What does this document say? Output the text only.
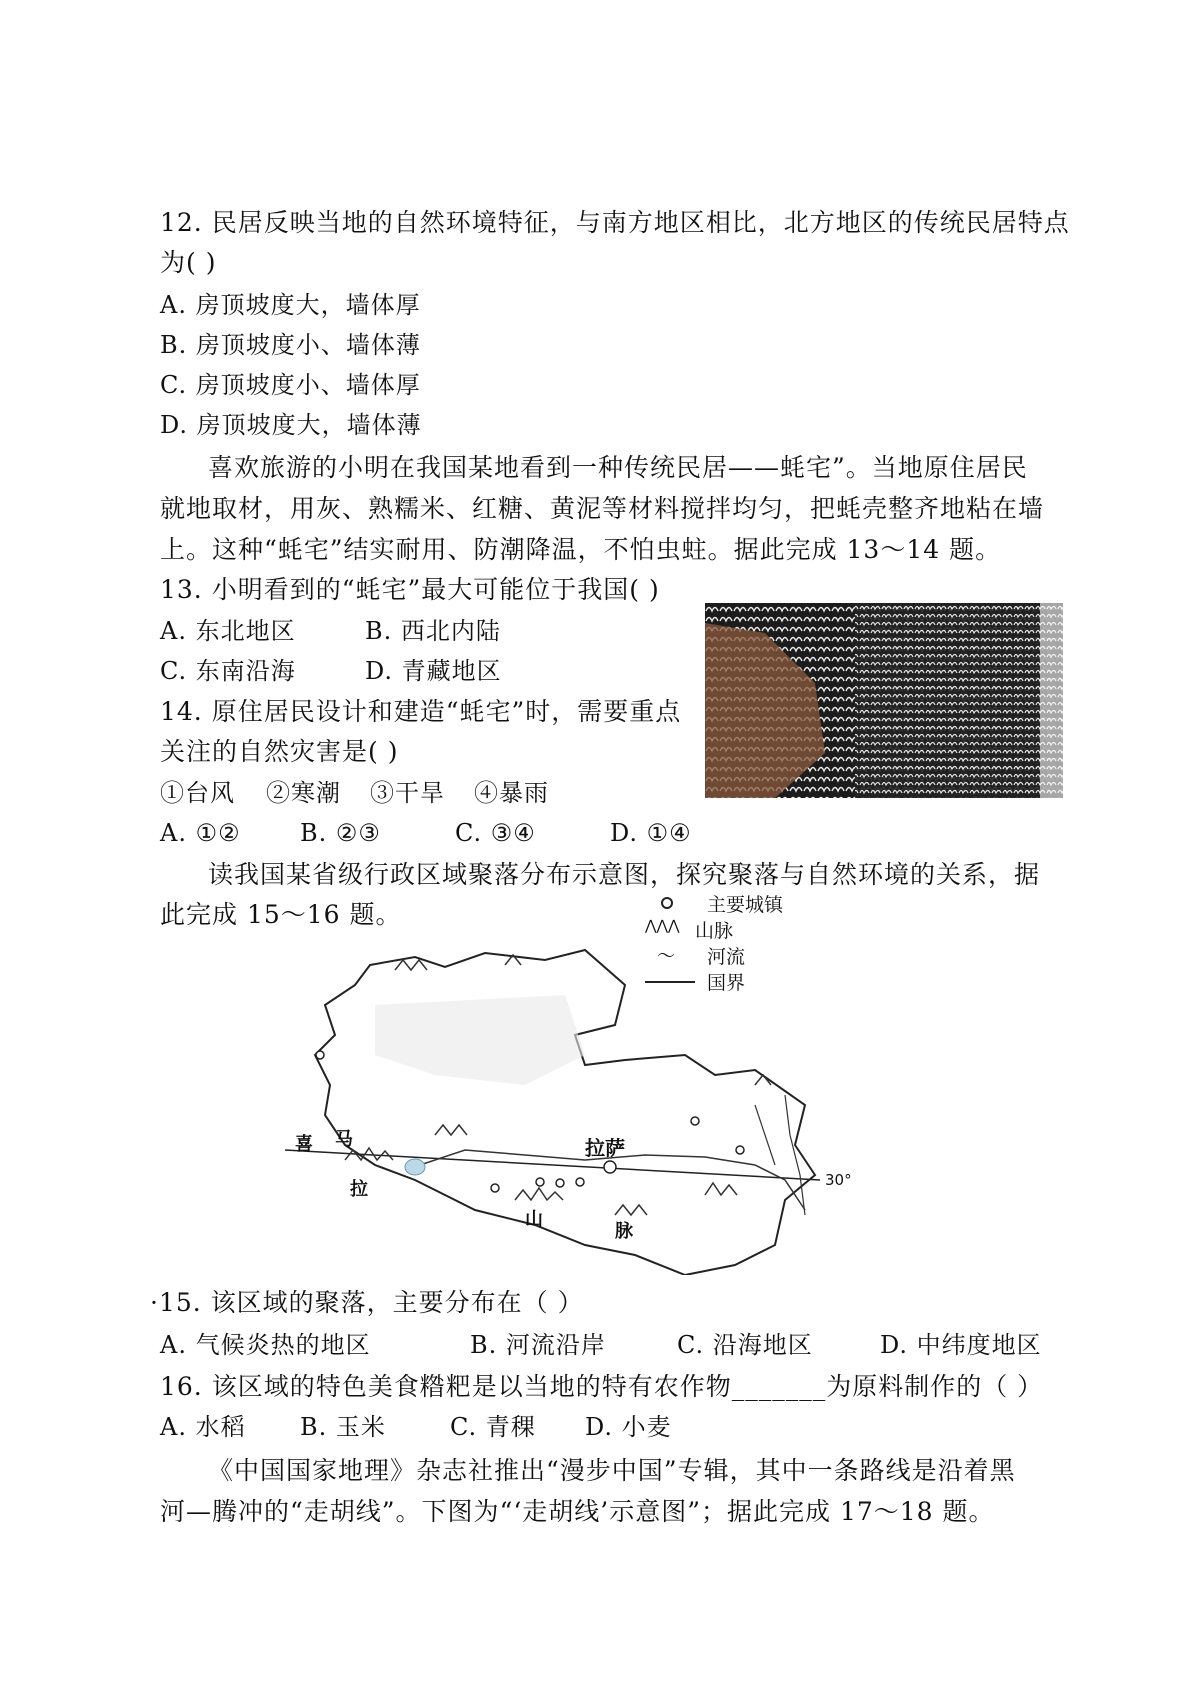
12. 民居反映当地的自然环境特征，与南方地区相比，北方地区的传统民居特点
为( )
A. 房顶坡度大，墙体厚
B. 房顶坡度小、墙体薄
C. 房顶坡度小、墙体厚
D. 房顶坡度大，墙体薄
喜欢旅游的小明在我国某地看到一种传统民居——蚝宅”。当地原住居民
就地取材，用灰、熟糯米、红糖、黄泥等材料搅拌均匀，把蚝壳整齐地粘在墙
上。这种“蚝宅”结实耐用、防潮降温，不怕虫蛀。据此完成 13～14 题。
13. 小明看到的“蚝宅”最大可能位于我国( )
A. 东北地区	B. 西北内陆
C. 东南沿海	D. 青藏地区
14. 原住居民设计和建造“蚝宅”时，需要重点
关注的自然灾害是( )
①台风 ②寒潮 ③干旱 ④暴雨
A. ①② B. ②③	C. ③④	D. ①④
读我国某省级行政区域聚落分布示意图，探究聚落与自然环境的关系，据
此完成 15～16 题。
拉萨
30°
喜 马
拉
山
脉
主要城镇
⋀⋀⋀ 山脉
〜 河流
国界
·15. 该区域的聚落，主要分布在（ ）
A. 气候炎热的地区	B. 河流沿岸	C. 沿海地区	D. 中纬度地区
16. 该区域的特色美食糌粑是以当地的特有农作物_______为原料制作的（ ）
A. 水稻 B. 玉米	C. 青稞 D. 小麦
《中国国家地理》杂志社推出“漫步中国”专辑，其中一条路线是沿着黑
河—腾冲的“走胡线”。下图为“‘走胡线’示意图”；据此完成 17～18 题。
